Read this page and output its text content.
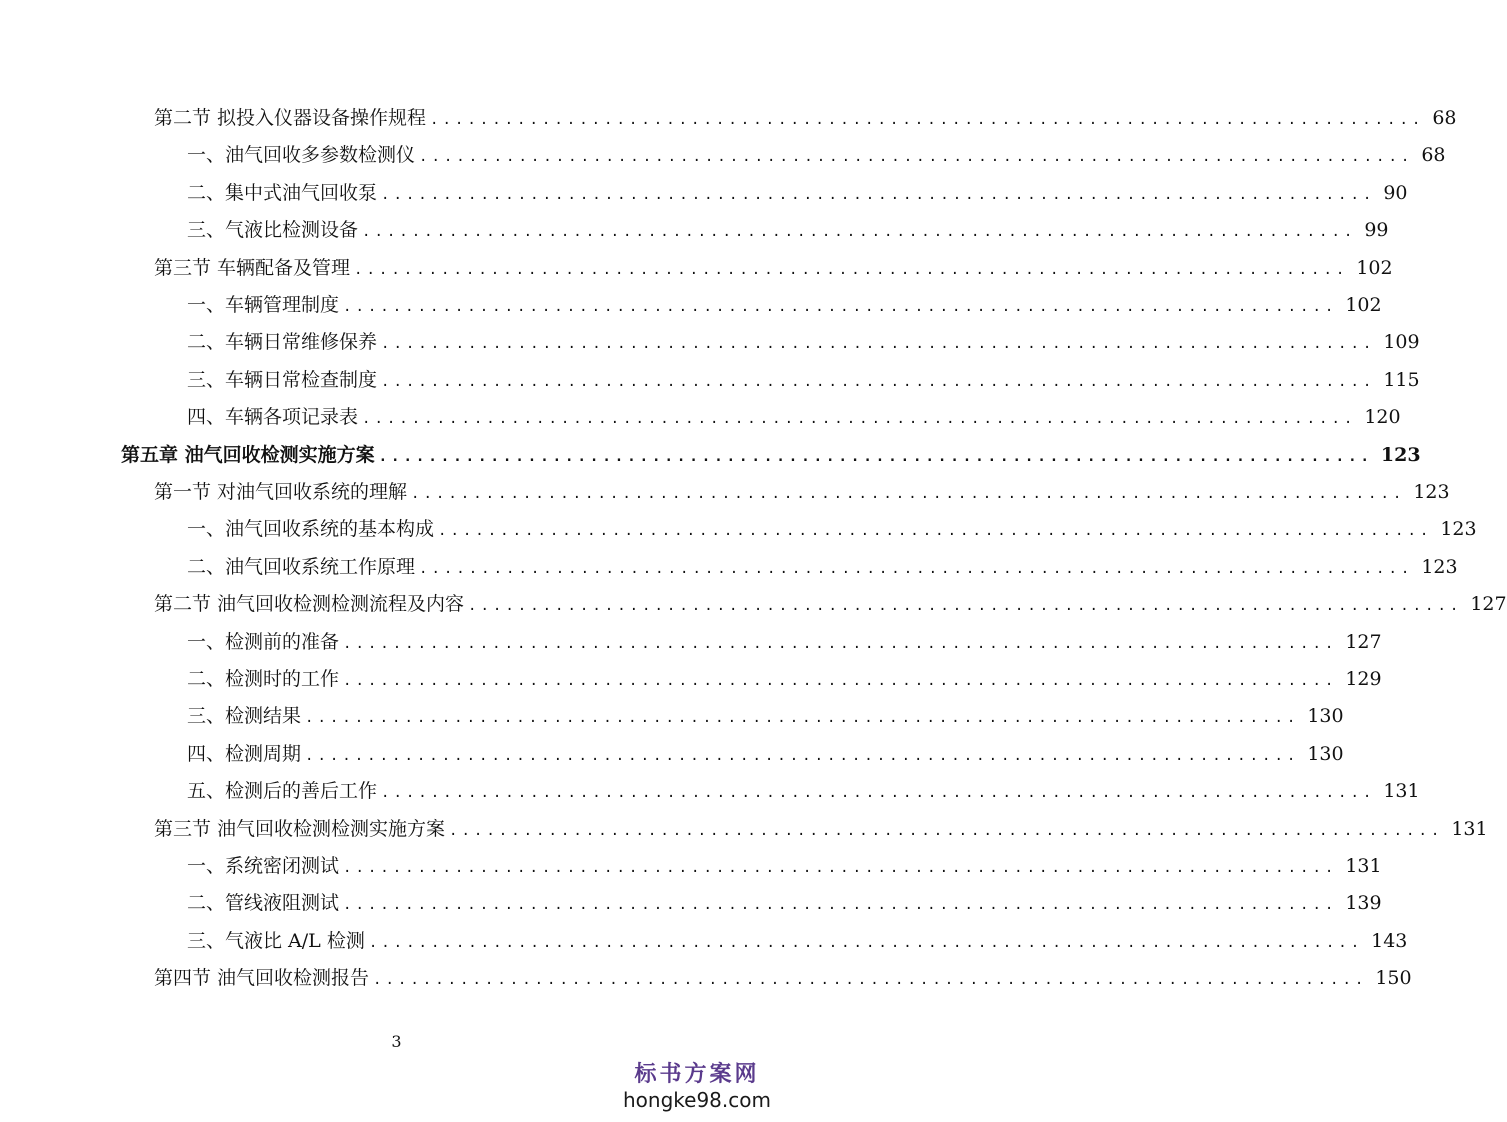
第二节 拟投入仪器设备操作规程 ................................................................................ 68
一、油气回收多参数检测仪 ................................................................................ 68
二、集中式油气回收泵 ................................................................................ 90
三、气液比检测设备 ................................................................................ 99
第三节 车辆配备及管理 ................................................................................ 102
一、车辆管理制度 ................................................................................ 102
二、车辆日常维修保养 ................................................................................ 109
三、车辆日常检查制度 ................................................................................ 115
四、车辆各项记录表 ................................................................................ 120
第五章 油气回收检测实施方案 ................................................................................ 123
第一节 对油气回收系统的理解 ................................................................................ 123
一、油气回收系统的基本构成 ................................................................................ 123
二、油气回收系统工作原理 ................................................................................ 123
第二节 油气回收检测检测流程及内容 ................................................................................ 127
一、检测前的准备 ................................................................................ 127
二、检测时的工作 ................................................................................ 129
三、检测结果 ................................................................................ 130
四、检测周期 ................................................................................ 130
五、检测后的善后工作 ................................................................................ 131
第三节 油气回收检测检测实施方案 ................................................................................ 131
一、系统密闭测试 ................................................................................ 131
二、管线液阻测试 ................................................................................ 139
三、气液比 A/L 检测 ................................................................................ 143
第四节 油气回收检测报告 ................................................................................ 150
3
标书方案网
hongke98.com
